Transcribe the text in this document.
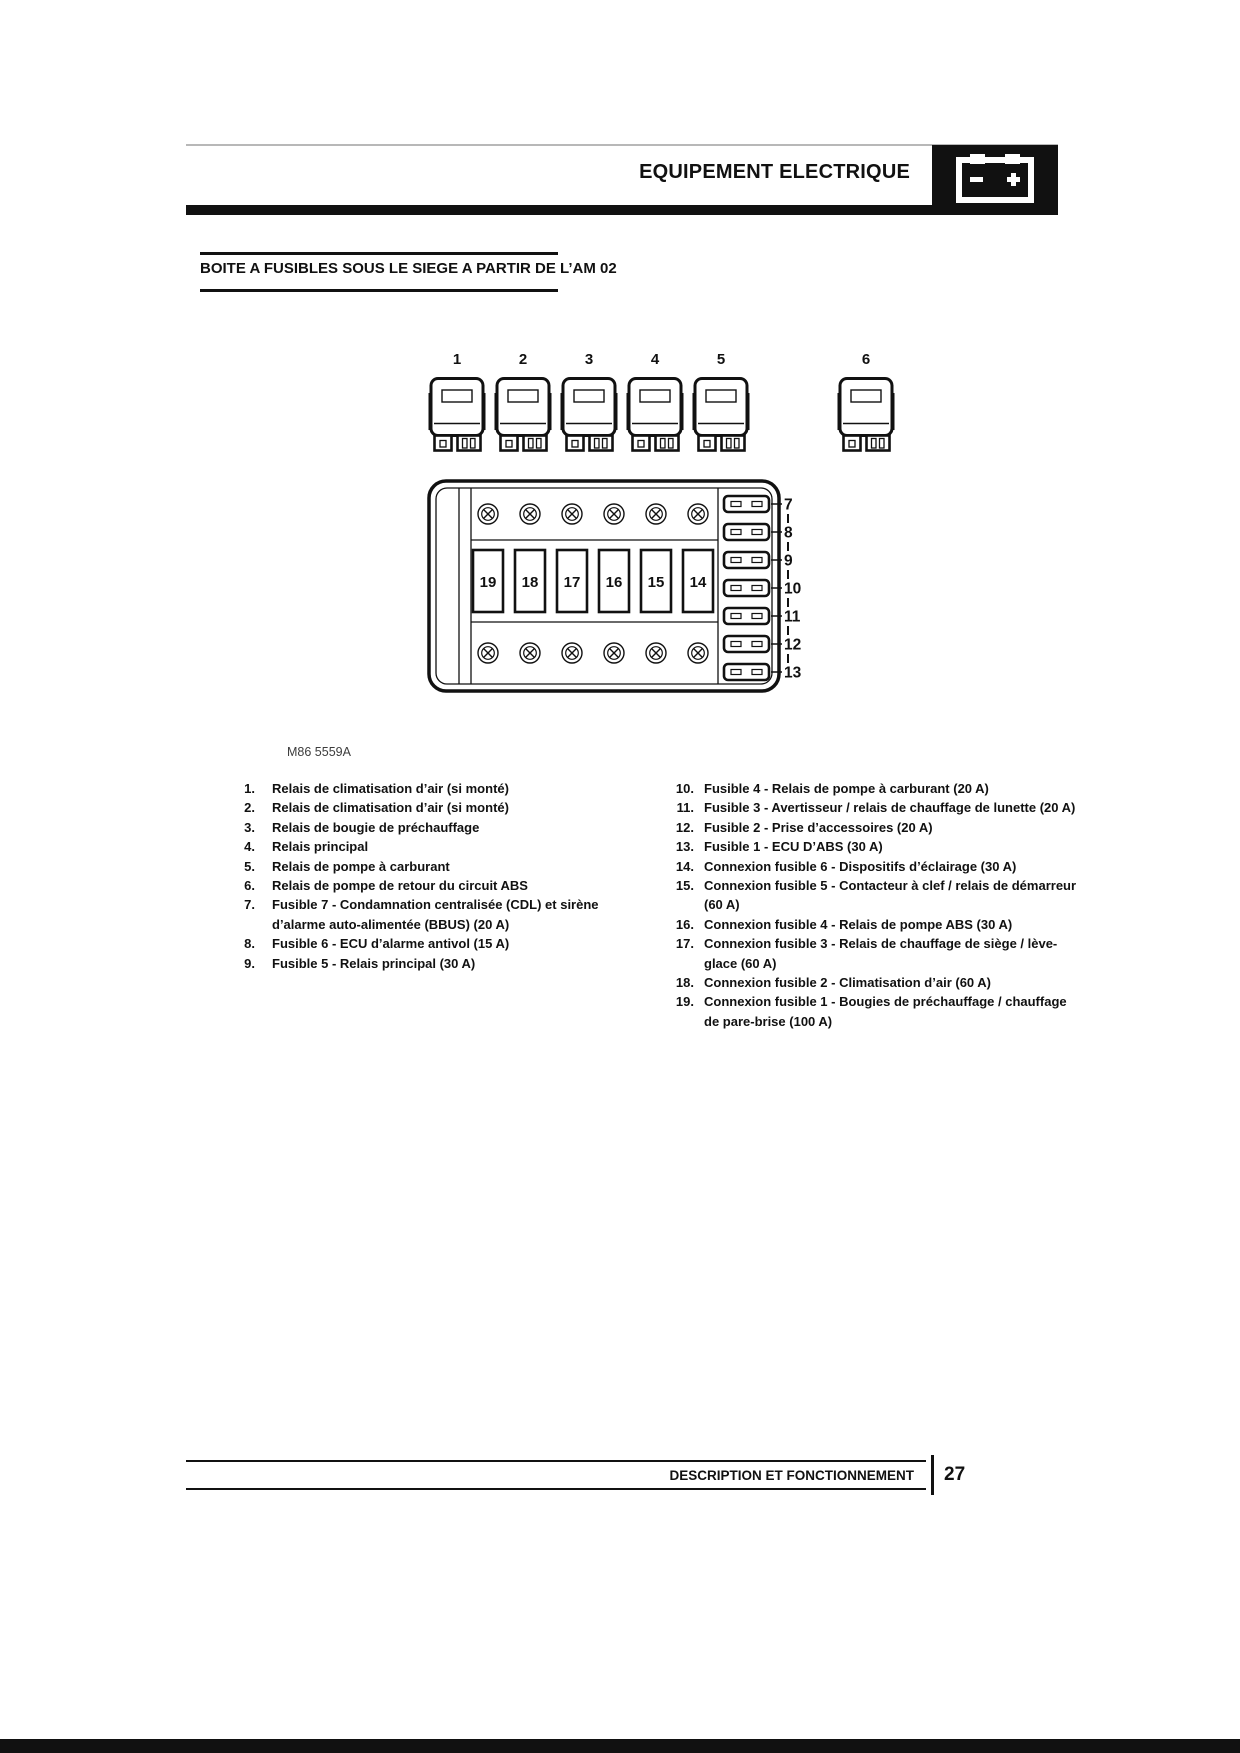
EQUIPEMENT ELECTRIQUE
BOITE A FUSIBLES SOUS LE SIEGE A PARTIR DE L’AM 02
19 18 17 16 15 14
7
8
9
10
11
12
13
M86 5559A
1	2	3	4	5	6
1. Relais de climatisation d’air (si monté)
2. Relais de climatisation d’air (si monté)
3. Relais de bougie de préchauffage
4. Relais principal
5. Relais de pompe à carburant
6. Relais de pompe de retour du circuit ABS
7. Fusible 7 - Condamnation centralisée (CDL) et sirène d’alarme auto-alimentée (BBUS) (20 A)
8. Fusible 6 - ECU d’alarme antivol (15 A)
9. Fusible 5 - Relais principal (30 A)
10. Fusible 4 - Relais de pompe à carburant (20 A)
11. Fusible 3 - Avertisseur / relais de chauffage de lunette (20 A)
12. Fusible 2 - Prise d’accessoires (20 A)
13. Fusible 1 - ECU D’ABS (30 A)
14. Connexion fusible 6 - Dispositifs d’éclairage (30 A)
15. Connexion fusible 5 - Contacteur à clef / relais de démarreur (60 A)
16. Connexion fusible 4 - Relais de pompe ABS (30 A)
17. Connexion fusible 3 - Relais de chauffage de siège / lève-glace (60 A)
18. Connexion fusible 2 - Climatisation d’air (60 A)
19. Connexion fusible 1 - Bougies de préchauffage / chauffage de pare-brise (100 A)
DESCRIPTION ET FONCTIONNEMENT 27
